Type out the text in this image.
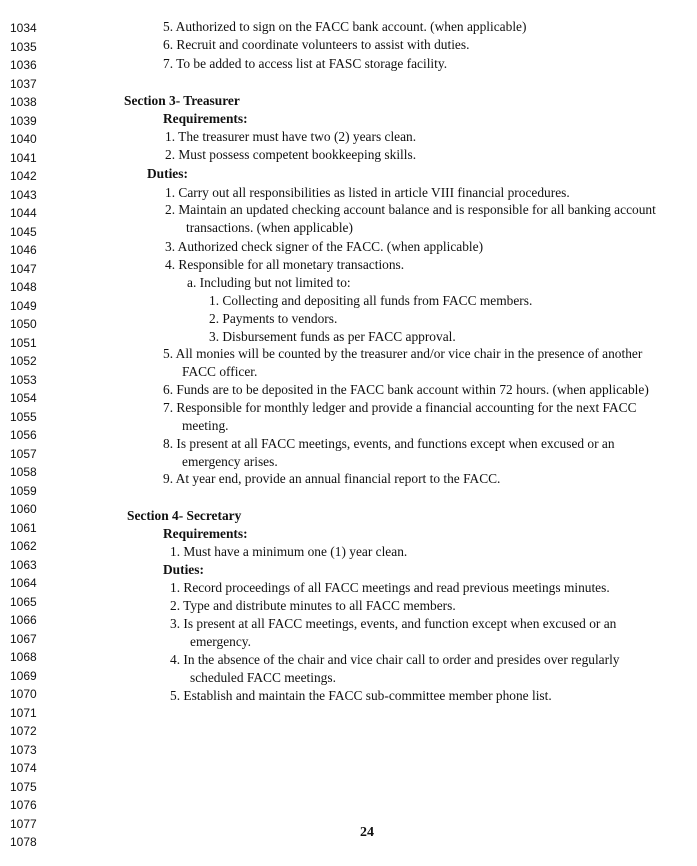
1034
1035
1036
1037
1038
1039
1040
1041
1042
1043
1044
1045
1046
1047
1048
1049
1050
1051
1052
1053
1054
1055
1056
1057
1058
1059
1060
1061
1062
1063
1064
1065
1066
1067
1068
1069
1070
1071
1072
1073
1074
1075
1076
1077
1078
5. Authorized to sign on the FACC bank account. (when applicable)
6. Recruit and coordinate volunteers to assist with duties.
7. To be added to access list at FASC storage facility.
Section 3- Treasurer
Requirements:
1. The treasurer must have two (2) years clean.
2. Must possess competent bookkeeping skills.
Duties:
1. Carry out all responsibilities as listed in article VIII financial procedures.
2. Maintain an updated checking account balance and is responsible for all banking account
transactions. (when applicable)
3. Authorized check signer of the FACC. (when applicable)
4. Responsible for all monetary transactions.
a. Including but not limited to:
1. Collecting and depositing all funds from FACC members.
2. Payments to vendors.
3. Disbursement funds as per FACC approval.
5. All monies will be counted by the treasurer and/or vice chair in the presence of another
FACC officer.
6. Funds are to be deposited in the FACC bank account within 72 hours. (when applicable)
7. Responsible for monthly ledger and provide a financial accounting for the next FACC
meeting.
8. Is present at all FACC meetings, events, and functions except when excused or an
emergency arises.
9. At year end, provide an annual financial report to the FACC.
Section 4- Secretary
Requirements:
1. Must have a minimum one (1) year clean.
Duties:
1. Record proceedings of all FACC meetings and read previous meetings minutes.
2. Type and distribute minutes to all FACC members.
3. Is present at all FACC meetings, events, and function except when excused or an
emergency.
4. In the absence of the chair and vice chair call to order and presides over regularly
scheduled FACC meetings.
5. Establish and maintain the FACC sub-committee member phone list.
24
